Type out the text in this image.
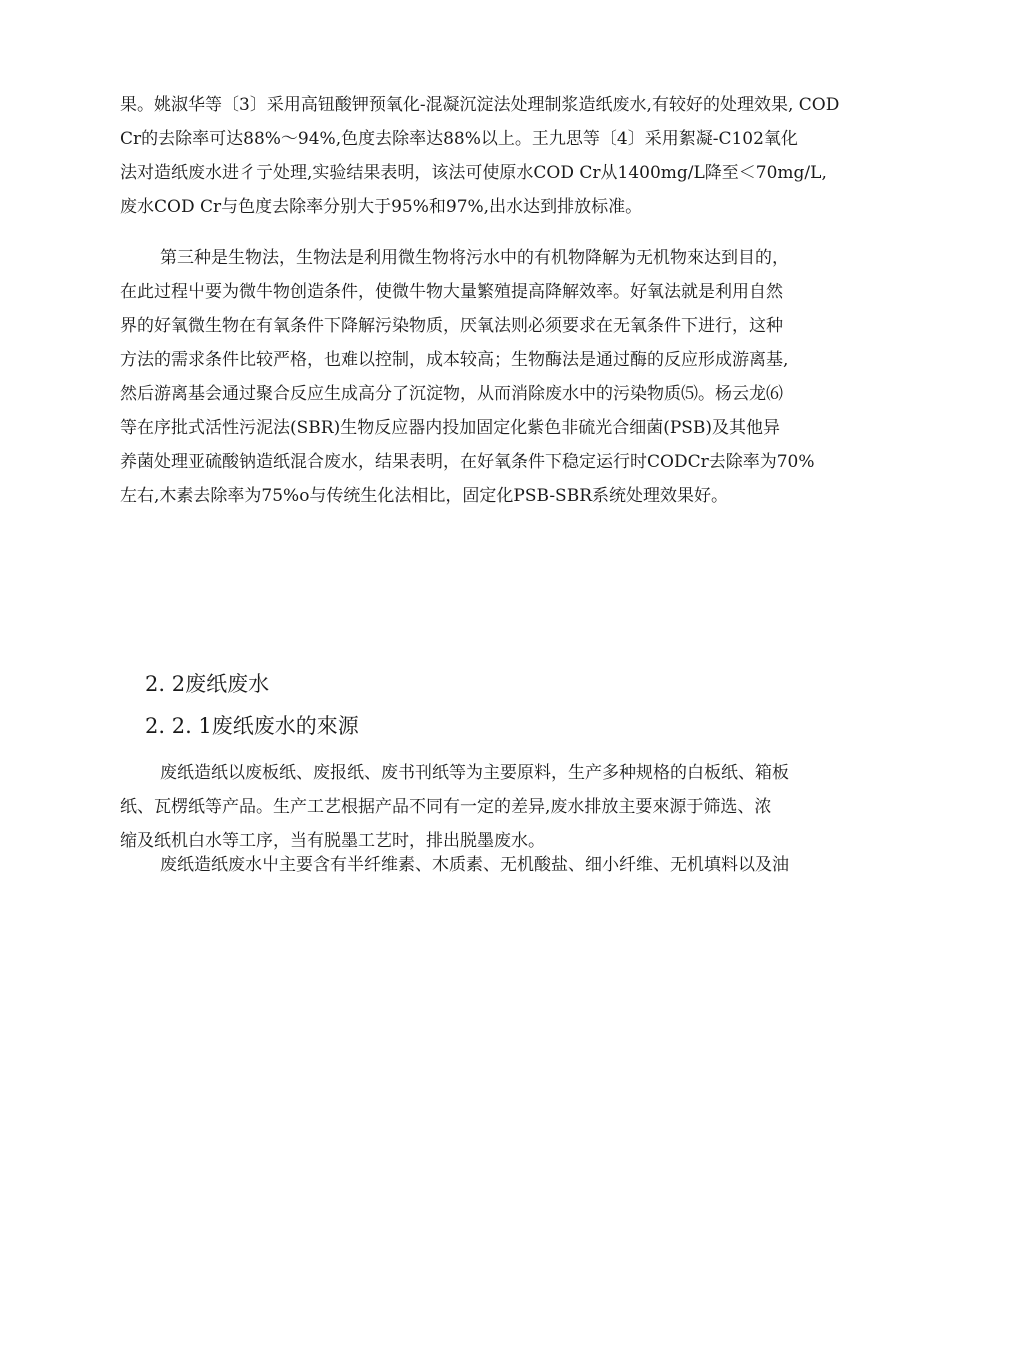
果。姚淑华等〔3〕采用高钮酸钾预氧化-混凝沉淀法处理制浆造纸废水,有较好的处理效果, COD
Cr的去除率可达88%～94%,色度去除率达88%以上。王九思等〔4〕采用絮凝-C102氧化
法对造纸废水进彳亍处理,实验结果表明，该法可使原水COD Cr从1400mg/L降至＜70mg/L,
废水COD Cr与色度去除率分别大于95%和97%,出水达到排放标准。
第三种是生物法，生物法是利用微生物将污水中的有机物降解为无机物來达到目的，
在此过程屮要为微牛物创造条件，使微牛物大量繁殖提高降解效率。好氧法就是利用自然
界的好氧微生物在有氧条件下降解污染物质，厌氧法则必须要求在无氧条件下进行，这种
方法的需求条件比较严格，也难以控制，成本较高；生物酶法是通过酶的反应形成游离基,
然后游离基会通过聚合反应生成高分了沉淀物，从而消除废水中的污染物质⑸。杨云龙⑹
等在序批式活性污泥法(SBR)生物反应器内投加固定化紫色非硫光合细菌(PSB)及其他异
养菌处理亚硫酸钠造纸混合废水，结果表明，在好氧条件下稳定运行时CODCr去除率为70%
左右,木素去除率为75%o与传统生化法相比，固定化PSB-SBR系统处理效果好。
2. 2废纸废水
2. 2. 1废纸废水的來源
废纸造纸以废板纸、废报纸、废书刊纸等为主要原料，生产多种规格的白板纸、箱板
纸、瓦楞纸等产品。生产工艺根据产品不同有一定的差异,废水排放主要來源于筛选、浓
缩及纸机白水等工序，当有脱墨工艺时，排出脱墨废水。
废纸造纸废水屮主要含有半纤维素、木质素、无机酸盐、细小纤维、无机填料以及油
